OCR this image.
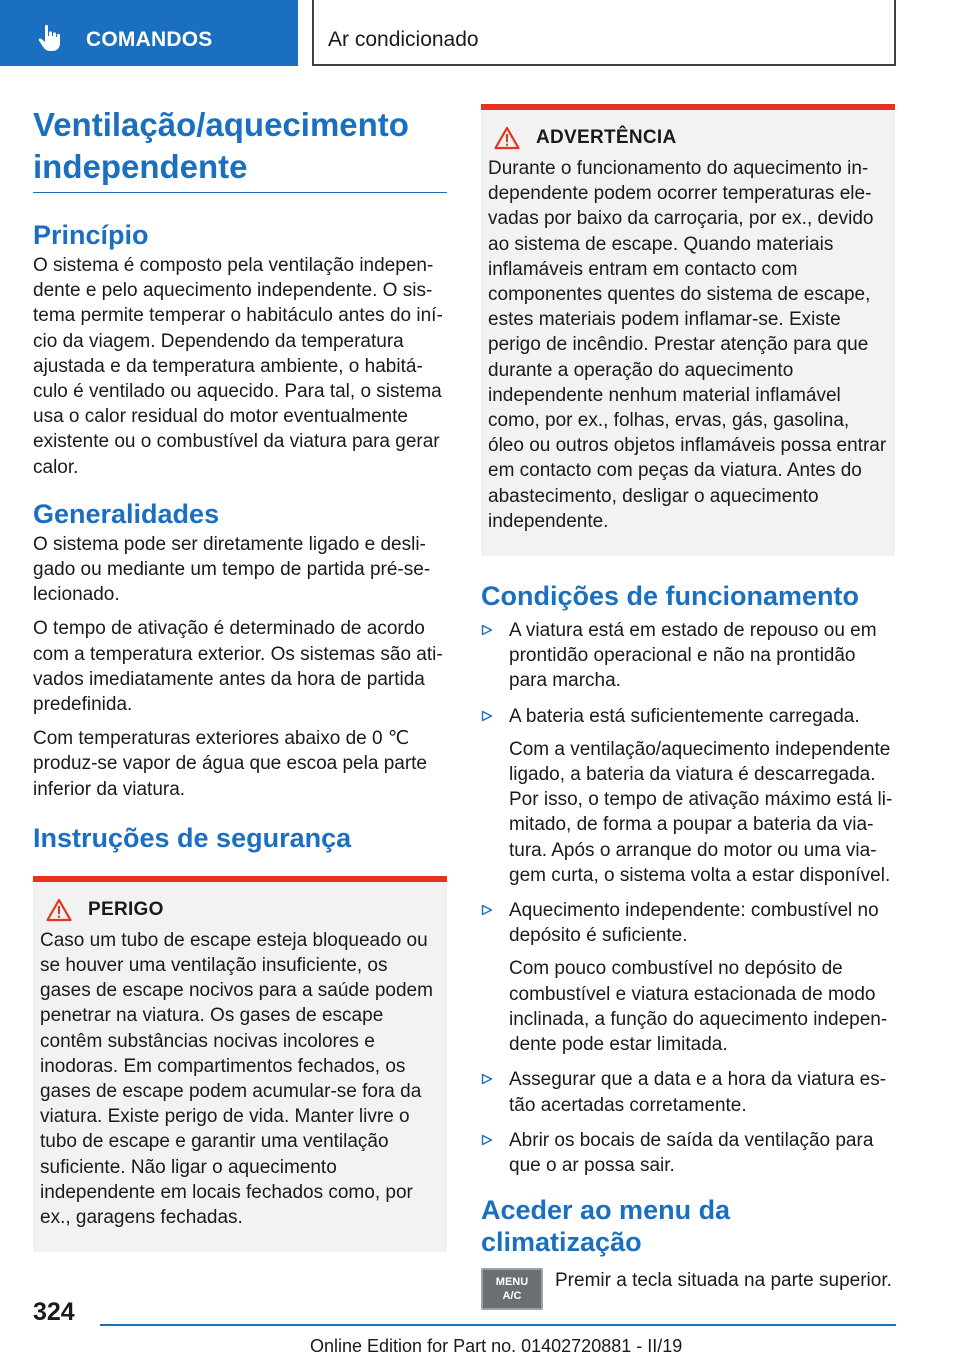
COMANDOS	Ar condicionado
Ventilação/aquecimento independente
Princípio

O sistema é composto pela ventilação independente e pelo aquecimento independente. O sistema permite temperar o habitáculo antes do início da viagem. Dependendo da temperatura ajustada e da temperatura ambiente, o habitáculo é ventilado ou aquecido. Para tal, o sistema usa o calor residual do motor eventualmente existente ou o combustível da viatura para gerar calor.

Generalidades

O sistema pode ser diretamente ligado e desligado ou mediante um tempo de partida pré-selecionado.

O tempo de ativação é determinado de acordo com a temperatura exterior. Os sistemas são ativados imediatamente antes da hora de partida predefinida.

Com temperaturas exteriores abaixo de 0 ℃ produz-se vapor de água que escoa pela parte inferior da viatura.

Instruções de segurança
PERIGO

Caso um tubo de escape esteja bloqueado ou se houver uma ventilação insuficiente, os gases de escape nocivos para a saúde podem penetrar na viatura. Os gases de escape contêm substâncias nocivas incolores e inodoras. Em compartimentos fechados, os gases de escape podem acumular-se fora da viatura. Existe perigo de vida. Manter livre o tubo de escape e garantir uma ventilação suficiente. Não ligar o aquecimento independente em locais fechados como, por ex., garagens fechadas.

ADVERTÊNCIA

Durante o funcionamento do aquecimento independente podem ocorrer temperaturas elevadas por baixo da carroçaria, por ex., devido ao sistema de escape. Quando materiais inflamáveis entram em contacto com componentes quentes do sistema de escape, estes materiais podem inflamar-se. Existe perigo de incêndio. Prestar atenção para que durante a operação do aquecimento independente nenhum material inflamável como, por ex., folhas, ervas, gás, gasolina, óleo ou outros objetos inflamáveis possa entrar em contacto com peças da viatura. Antes do abastecimento, desligar o aquecimento independente.

Condições de funcionamento

A viatura está em estado de repouso ou em prontidão operacional e não na prontidão para marcha.

A bateria está suficientemente carregada.

Com a ventilação/aquecimento independente ligado, a bateria da viatura é descarregada. Por isso, o tempo de ativação máximo está limitado, de forma a poupar a bateria da viatura. Após o arranque do motor ou uma viagem curta, o sistema volta a estar disponível.

Aquecimento independente: combustível no depósito é suficiente.

Com pouco combustível no depósito de combustível e viatura estacionada de modo inclinada, a função do aquecimento independente pode estar limitada.

Assegurar que a data e a hora da viatura estão acertadas corretamente.

Abrir os bocais de saída da ventilação para que o ar possa sair.

Aceder ao menu da climatização
MENU
A/C
Premir a tecla situada na parte superior.
324
Online Edition for Part no. 01402720881 - II/19
